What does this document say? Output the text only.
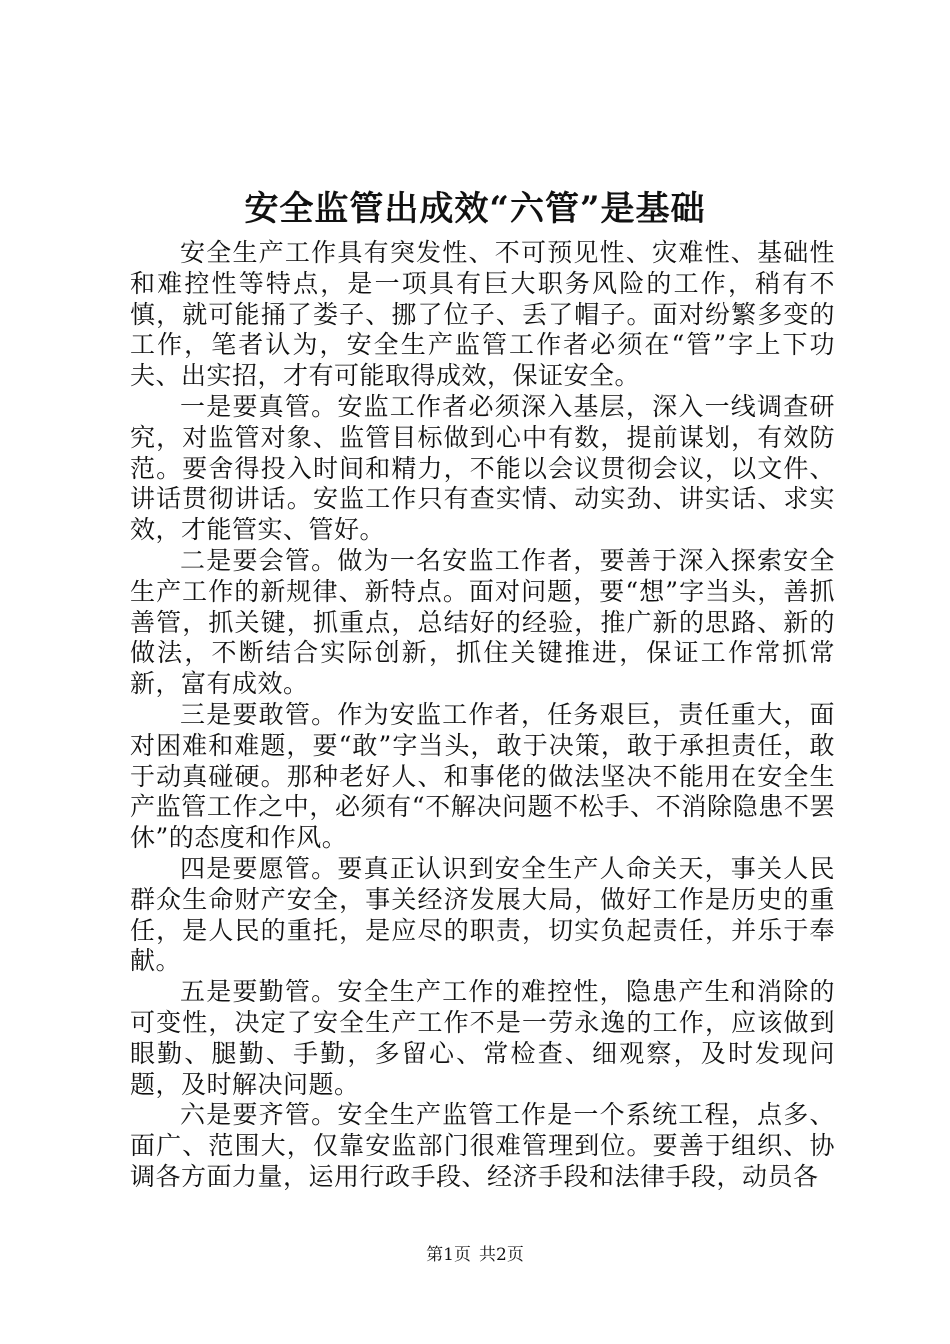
安全监管出成效“六管”是基础

安全生产工作具有突发性、不可预见性、灾难性、基础性和难控性等特点，是一项具有巨大职务风险的工作，稍有不慎，就可能捅了娄子、挪了位子、丢了帽子。面对纷繁多变的工作，笔者认为，安全生产监管工作者必须在“管”字上下功夫、出实招，才有可能取得成效，保证安全。

一是要真管。安监工作者必须深入基层，深入一线调查研究，对监管对象、监管目标做到心中有数，提前谋划，有效防范。要舍得投入时间和精力，不能以会议贯彻会议，以文件、讲话贯彻讲话。安监工作只有查实情、动实劲、讲实话、求实效，才能管实、管好。

二是要会管。做为一名安监工作者，要善于深入探索安全生产工作的新规律、新特点。面对问题，要“想”字当头，善抓善管，抓关键，抓重点，总结好的经验，推广新的思路、新的做法，不断结合实际创新，抓住关键推进，保证工作常抓常新，富有成效。

三是要敢管。作为安监工作者，任务艰巨，责任重大，面对困难和难题，要“敢”字当头，敢于决策，敢于承担责任，敢于动真碰硬。那种老好人、和事佬的做法坚决不能用在安全生产监管工作之中，必须有“不解决问题不松手、不消除隐患不罢休”的态度和作风。

四是要愿管。要真正认识到安全生产人命关天，事关人民群众生命财产安全，事关经济发展大局，做好工作是历史的重任，是人民的重托，是应尽的职责，切实负起责任，并乐于奉献。

五是要勤管。安全生产工作的难控性，隐患产生和消除的可变性，决定了安全生产工作不是一劳永逸的工作，应该做到眼勤、腿勤、手勤，多留心、常检查、细观察，及时发现问题，及时解决问题。

六是要齐管。安全生产监管工作是一个系统工程，点多、面广、范围大，仅靠安监部门很难管理到位。要善于组织、协调各方面力量，运用行政手段、经济手段和法律手段，动员各

第1页 共2页
